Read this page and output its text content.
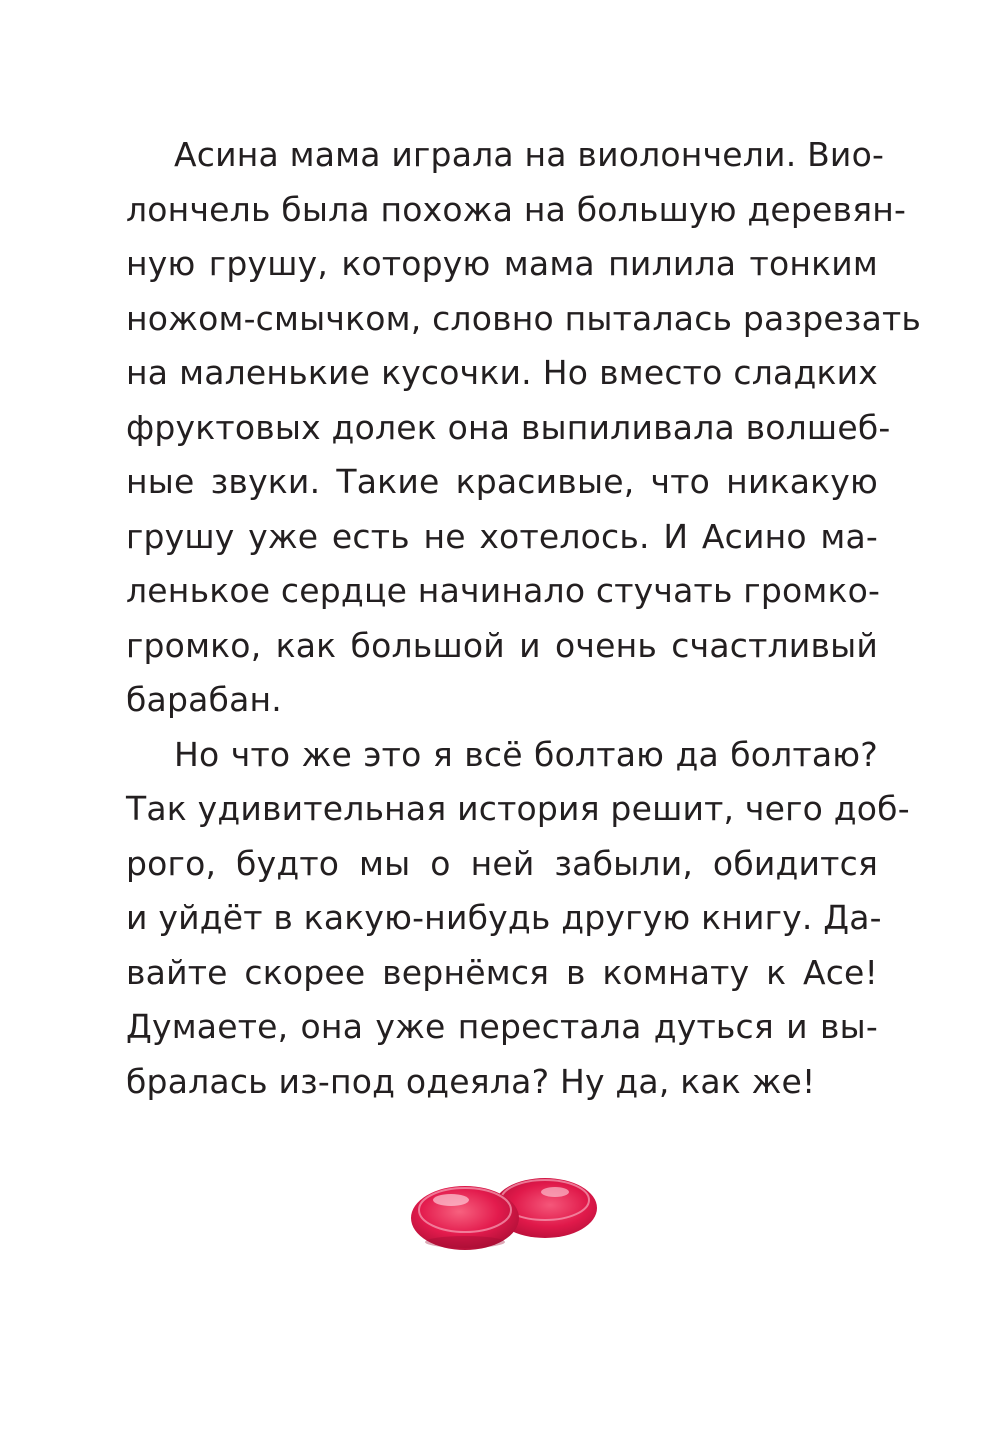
Асина мама играла на виолончели. Вио-
лончель была похожа на большую деревян-
ную грушу, которую мама пилила тонким
ножом-смычком, словно пыталась разрезать
на маленькие кусочки. Но вместо сладких
фруктовых долек она выпиливала волшеб-
ные звуки. Такие красивые, что никакую
грушу уже есть не хотелось. И Асино ма-
ленькое сердце начинало стучать громко-
громко, как большой и очень счастливый
барабан.
Но что же это я всё болтаю да болтаю?
Так удивительная история решит, чего доб-
рого, будто мы о ней забыли, обидится
и уйдёт в какую-нибудь другую книгу. Да-
вайте скорее вернёмся в комнату к Асе!
Думаете, она уже перестала дуться и вы-
бралась из-под одеяла? Ну да, как же!
